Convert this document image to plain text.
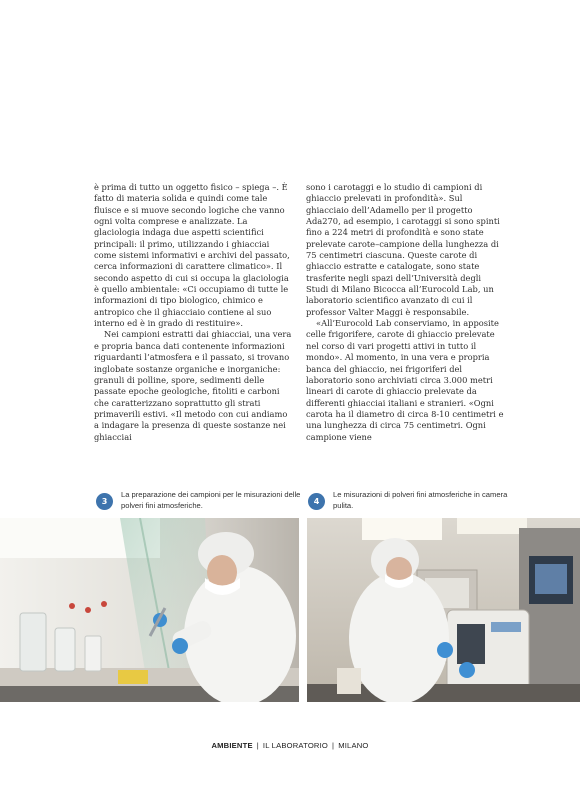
è prima di tutto un oggetto fisico – spiega –. È fatto di materia solida e quindi come tale fluisce e si muove secondo logiche che vanno ogni volta comprese e analizzate. La glaciologia indaga due aspetti scientifici principali: il primo, utilizzando i ghiacciai come sistemi informativi e archivi del passato, cerca informazioni di carattere climatico». Il secondo aspetto di cui si occupa la glaciologia è quello ambientale: «Ci occupiamo di tutte le informazioni di tipo biologico, chimico e antropico che il ghiacciaio contiene al suo interno ed è in grado di restituire».

Nei campioni estratti dai ghiacciai, una vera e propria banca dati contenente informazioni riguardanti l’atmosfera e il passato, si trovano inglobate sostanze organiche e inorganiche: granuli di polline, spore, sedimenti delle passate epoche geologiche, fitoliti e carboni che caratterizzano soprattutto gli strati primaverili estivi. «Il metodo con cui andiamo a indagare la presenza di queste sostanze nei ghiacciai

sono i carotaggi e lo studio di campioni di ghiaccio prelevati in profondità». Sul ghiacciaio dell’Adamello per il progetto Ada270, ad esempio, i carotaggi si sono spinti fino a 224 metri di profondità e sono state prelevate carote–campione della lunghezza di 75 centimetri ciascuna. Queste carote di ghiaccio estratte e catalogate, sono state trasferite negli spazi dell’Università degli Studi di Milano Bicocca all’Eurocold Lab, un laboratorio scientifico avanzato di cui il professor Valter Maggi è responsabile.

«All’Eurocold Lab conserviamo, in apposite celle frigorifere, carote di ghiaccio prelevate nel corso di vari progetti attivi in tutto il mondo». Al momento, in una vera e propria banca del ghiaccio, nei frigoriferi del laboratorio sono archiviati circa 3.000 metri lineari di carote di ghiaccio prelevate da differenti ghiacciai italiani e stranieri. «Ogni carota ha il diametro di circa 8-10 centimetri e una lunghezza di circa 75 centimetri. Ogni campione viene

3
La preparazione dei campioni per le misurazioni delle polveri fini atmosferiche.	4
Le misurazioni di polveri fini atmosferiche in camera pulita.
AMBIENTE | IL LABORATORIO | MILANO
